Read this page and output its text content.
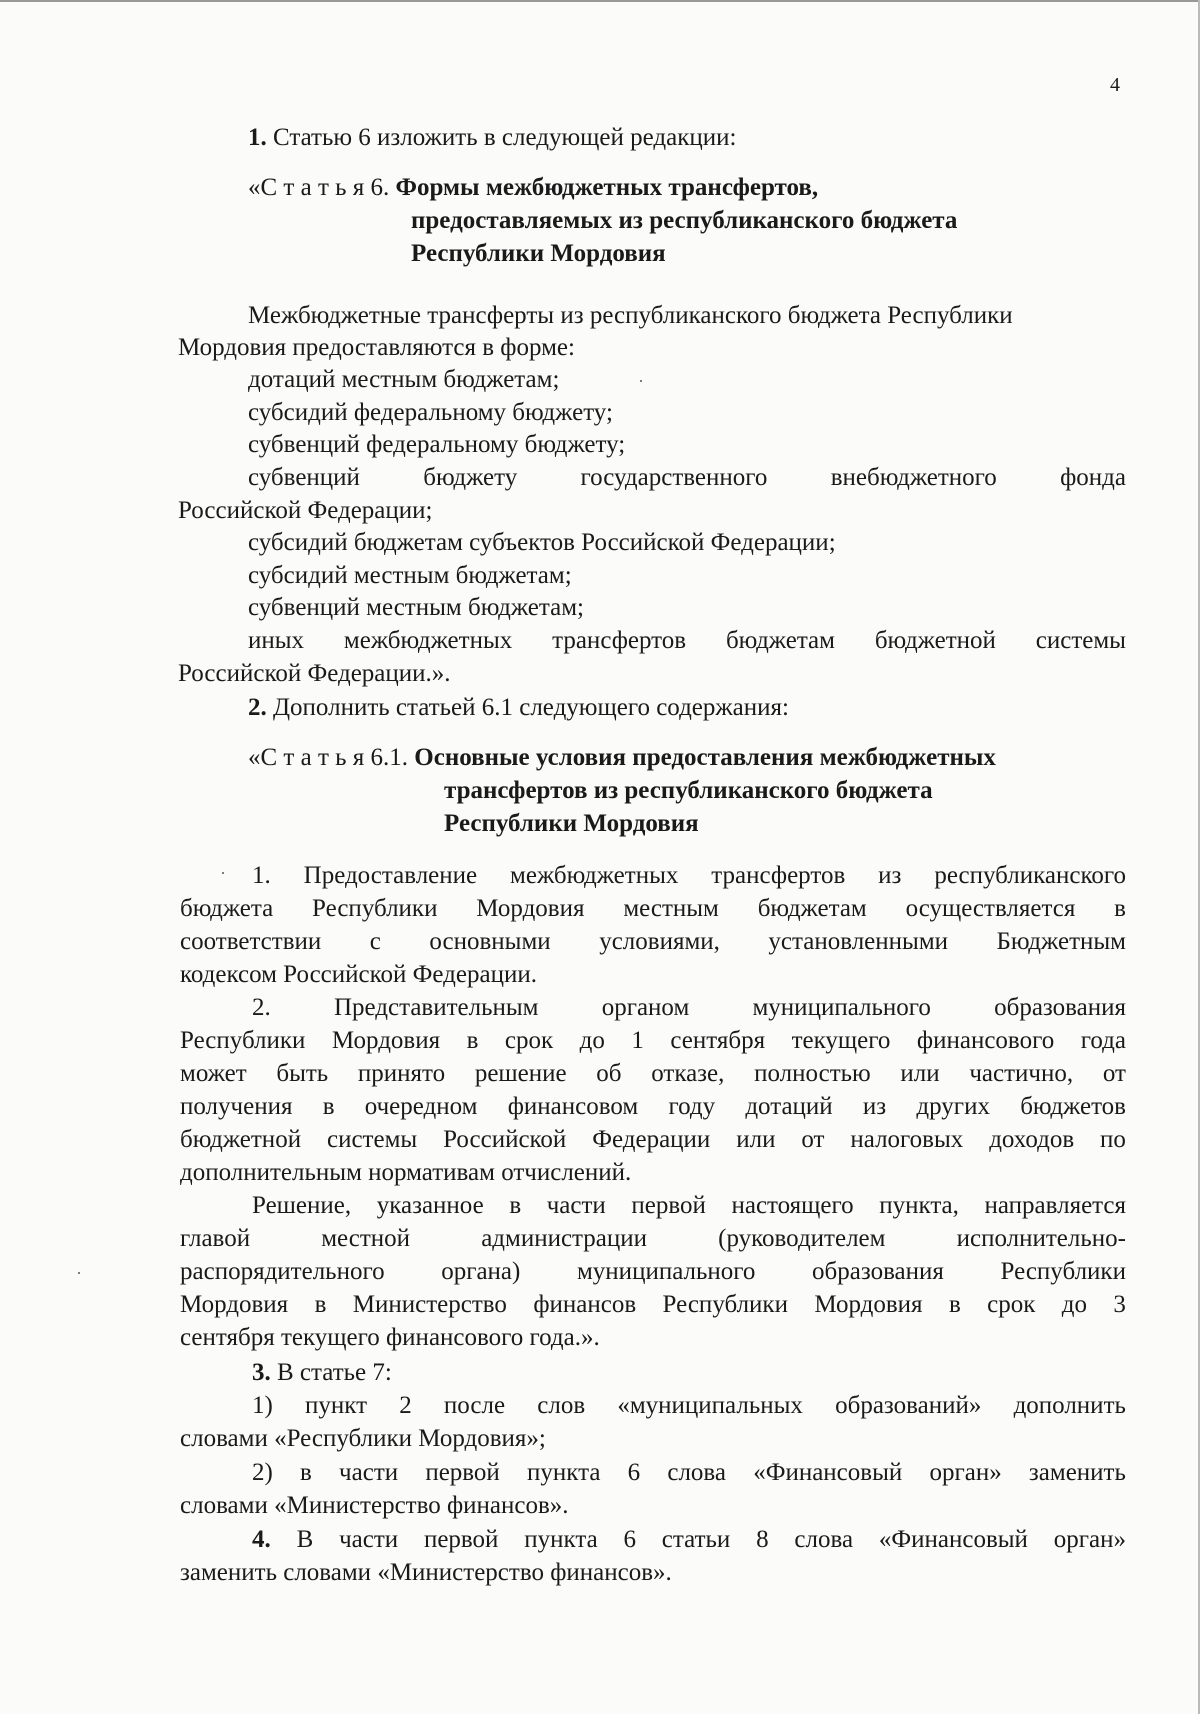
4
1. Статью 6 изложить в следующей редакции:
«С т а т ь я 6. Формы межбюджетных трансфертов,
предоставляемых из республиканского бюджета
Республики Мордовия
Межбюджетные трансферты из республиканского бюджета Республики
Мордовия предоставляются в форме:
дотаций местным бюджетам;
субсидий федеральному бюджету;
субвенций федеральному бюджету;
субвенций	бюджету	государственного	внебюджетного	фонда
Российской Федерации;
субсидий бюджетам субъектов Российской Федерации;
субсидий местным бюджетам;
субвенций местным бюджетам;
иных межбюджетных трансфертов бюджетам бюджетной системы
Российской Федерации.».
2. Дополнить статьей 6.1 следующего содержания:
«С т а т ь я 6.1. Основные условия предоставления межбюджетных
трансфертов из республиканского бюджета
Республики Мордовия
1. Предоставление межбюджетных трансфертов из республиканского
бюджета Республики Мордовия местным бюджетам осуществляется в
соответствии с основными условиями, установленными Бюджетным
кодексом Российской Федерации.
2.	Представительным	органом	муниципального	образования
Республики Мордовия в срок до 1 сентября текущего финансового года
может быть принято решение об отказе, полностью или частично, от
получения в очередном финансовом году дотаций из других бюджетов
бюджетной системы Российской Федерации или от налоговых доходов по
дополнительным нормативам отчислений.
Решение, указанное в части первой настоящего пункта, направляется
главой	местной	администрации	(руководителем	исполнительно-
распорядительного органа) муниципального образования Республики
Мордовия в Министерство финансов Республики Мордовия в срок до 3
сентября текущего финансового года.».
3. В статье 7:
1) пункт 2 после слов «муниципальных образований» дополнить
словами «Республики Мордовия»;
2) в части первой пункта 6 слова «Финансовый орган» заменить
словами «Министерство финансов».
4. В части первой пункта 6 статьи 8 слова «Финансовый орган»
заменить словами «Министерство финансов».
